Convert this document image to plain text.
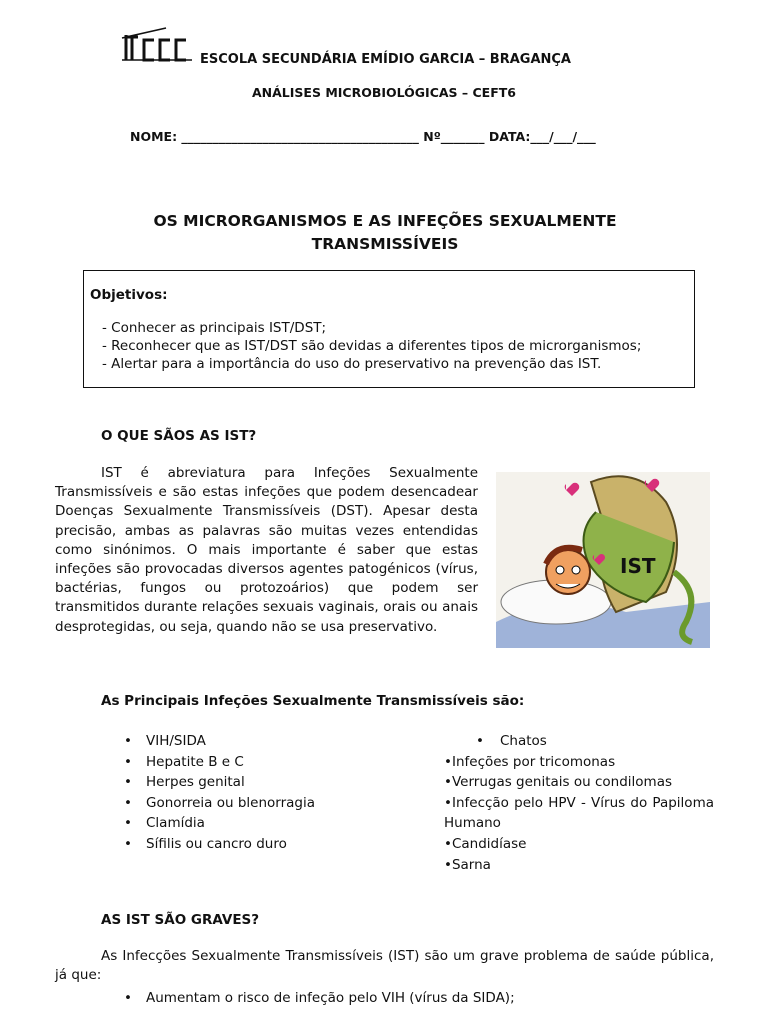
ESCOLA SECUNDÁRIA EMÍDIO GARCIA – BRAGANÇA
ANÁLISES MICROBIOLÓGICAS – CEFT6
NOME: ______________________________________ Nº_______ DATA:___/___/___
OS MICRORGANISMOS E AS INFEÇÕES SEXUALMENTE TRANSMISSÍVEIS
Objetivos:
- Conhecer as principais IST/DST;
- Reconhecer que as IST/DST são devidas a diferentes tipos de microrganismos;
- Alertar para a importância do uso do preservativo na prevenção das IST.
O QUE SÃOS AS IST?
IST é abreviatura para Infeções Sexualmente Transmissíveis e são estas infeções que podem desencadear Doenças Sexualmente Transmissíveis (DST). Apesar desta precisão, ambas as palavras são muitas vezes entendidas como sinónimos. O mais importante é saber que estas infeções são provocadas diversos agentes patogénicos (vírus, bactérias, fungos ou protozoários) que podem ser transmitidos durante relações sexuais vaginais, orais ou anais desprotegidas, ou seja, quando não se usa preservativo.
IST
As Principais Infeções Sexualmente Transmissíveis são:
• VIH/SIDA
• Hepatite B e C
• Herpes genital
• Gonorreia ou blenorragia
• Clamídia
• Sífilis ou cancro duro
• Chatos
•Infeções por tricomonas
•Verrugas genitais ou condilomas
•Infecção pelo HPV - Vírus do Papiloma Humano
•Candidíase
•Sarna
AS IST SÃO GRAVES?
As Infecções Sexualmente Transmissíveis (IST) são um grave problema de saúde pública, já que:
• Aumentam o risco de infeção pelo VIH (vírus da SIDA);
